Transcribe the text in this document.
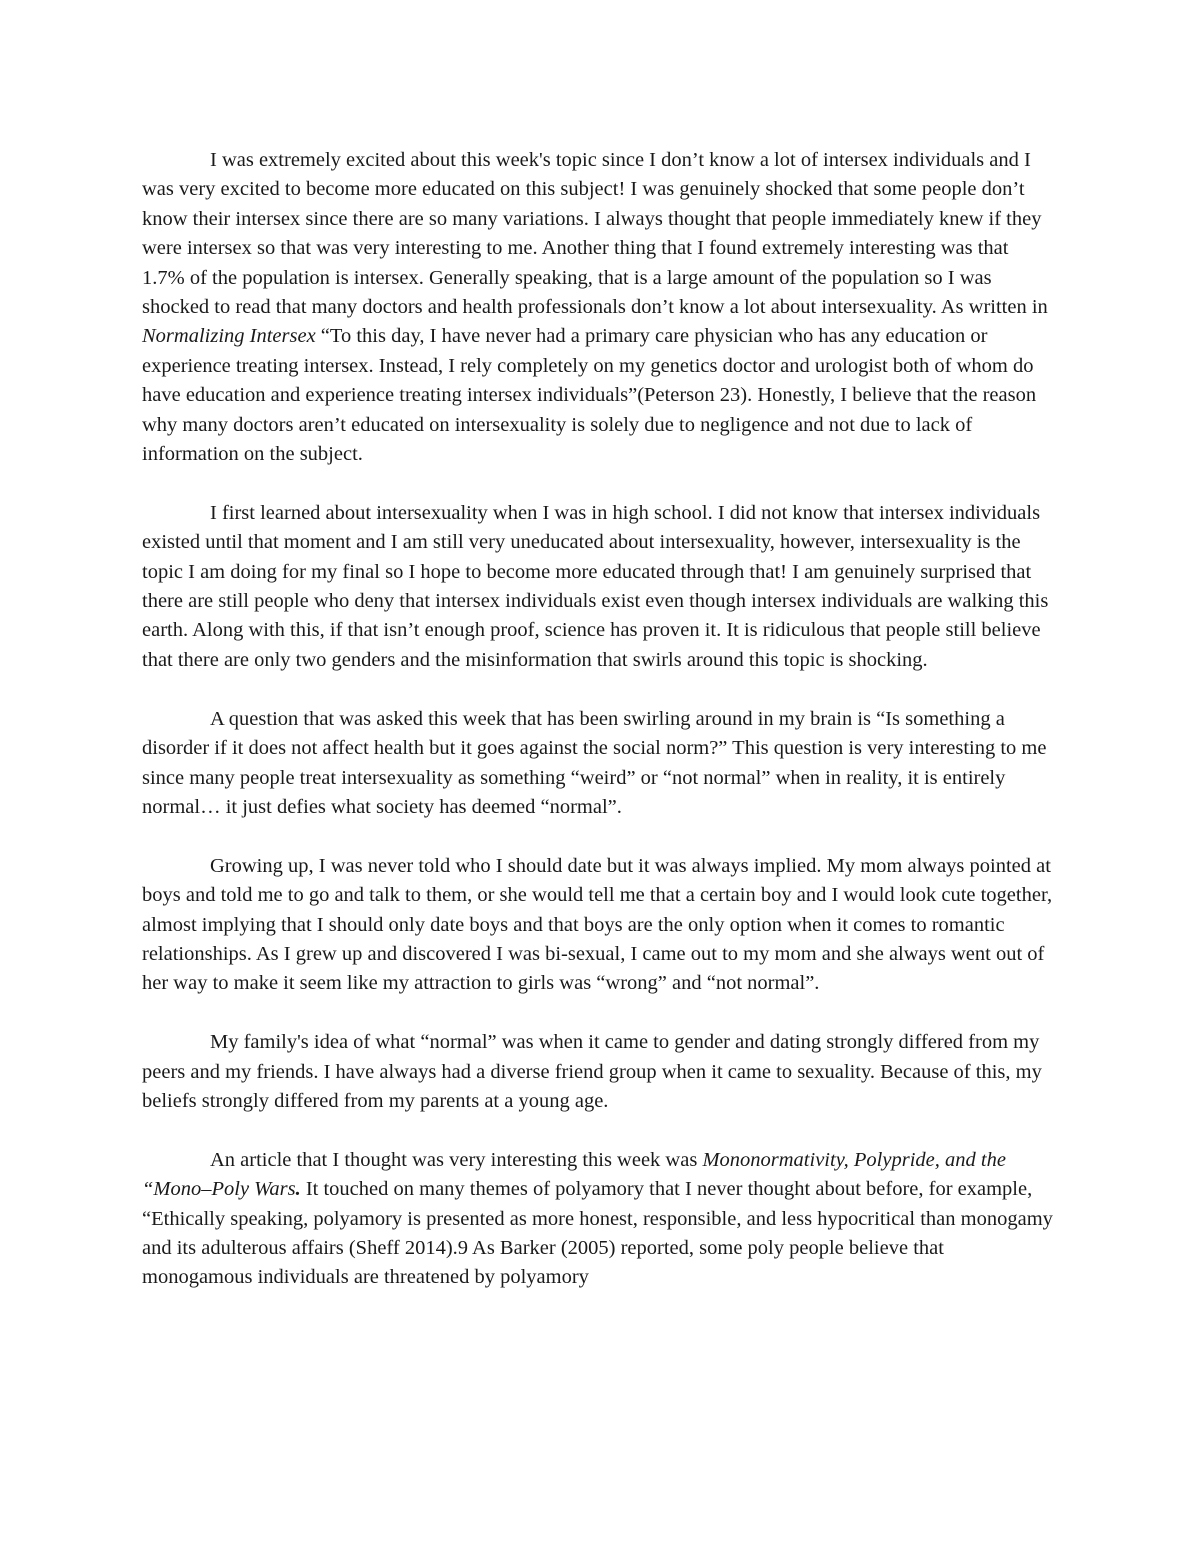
I was extremely excited about this week's topic since I don’t know a lot of intersex individuals and I was very excited to become more educated on this subject! I was genuinely shocked that some people don’t know their intersex since there are so many variations. I always thought that people immediately knew if they were intersex so that was very interesting to me. Another thing that I found extremely interesting was that 1.7% of the population is intersex. Generally speaking, that is a large amount of the population so I was shocked to read that many doctors and health professionals don’t know a lot about intersexuality. As written in Normalizing Intersex “To this day, I have never had a primary care physician who has any education or experience treating intersex. Instead, I rely completely on my genetics doctor and urologist both of whom do have education and experience treating intersex individuals”(Peterson 23). Honestly, I believe that the reason why many doctors aren’t educated on intersexuality is solely due to negligence and not due to lack of information on the subject.

I first learned about intersexuality when I was in high school. I did not know that intersex individuals existed until that moment and I am still very uneducated about intersexuality, however, intersexuality is the topic I am doing for my final so I hope to become more educated through that! I am genuinely surprised that there are still people who deny that intersex individuals exist even though intersex individuals are walking this earth. Along with this, if that isn’t enough proof, science has proven it. It is ridiculous that people still believe that there are only two genders and the misinformation that swirls around this topic is shocking.

A question that was asked this week that has been swirling around in my brain is “Is something a disorder if it does not affect health but it goes against the social norm?” This question is very interesting to me since many people treat intersexuality as something “weird” or “not normal” when in reality, it is entirely normal… it just defies what society has deemed “normal”.

Growing up, I was never told who I should date but it was always implied. My mom always pointed at boys and told me to go and talk to them, or she would tell me that a certain boy and I would look cute together, almost implying that I should only date boys and that boys are the only option when it comes to romantic relationships. As I grew up and discovered I was bi-sexual, I came out to my mom and she always went out of her way to make it seem like my attraction to girls was “wrong” and “not normal”.

My family's idea of what “normal” was when it came to gender and dating strongly differed from my peers and my friends. I have always had a diverse friend group when it came to sexuality. Because of this, my beliefs strongly differed from my parents at a young age.

An article that I thought was very interesting this week was Mononormativity, Polypride, and the “Mono–Poly Wars. It touched on many themes of polyamory that I never thought about before, for example, “Ethically speaking, polyamory is presented as more honest, responsible, and less hypocritical than monogamy and its adulterous affairs (Sheff 2014).9 As Barker (2005) reported, some poly people believe that monogamous individuals are threatened by polyamory
